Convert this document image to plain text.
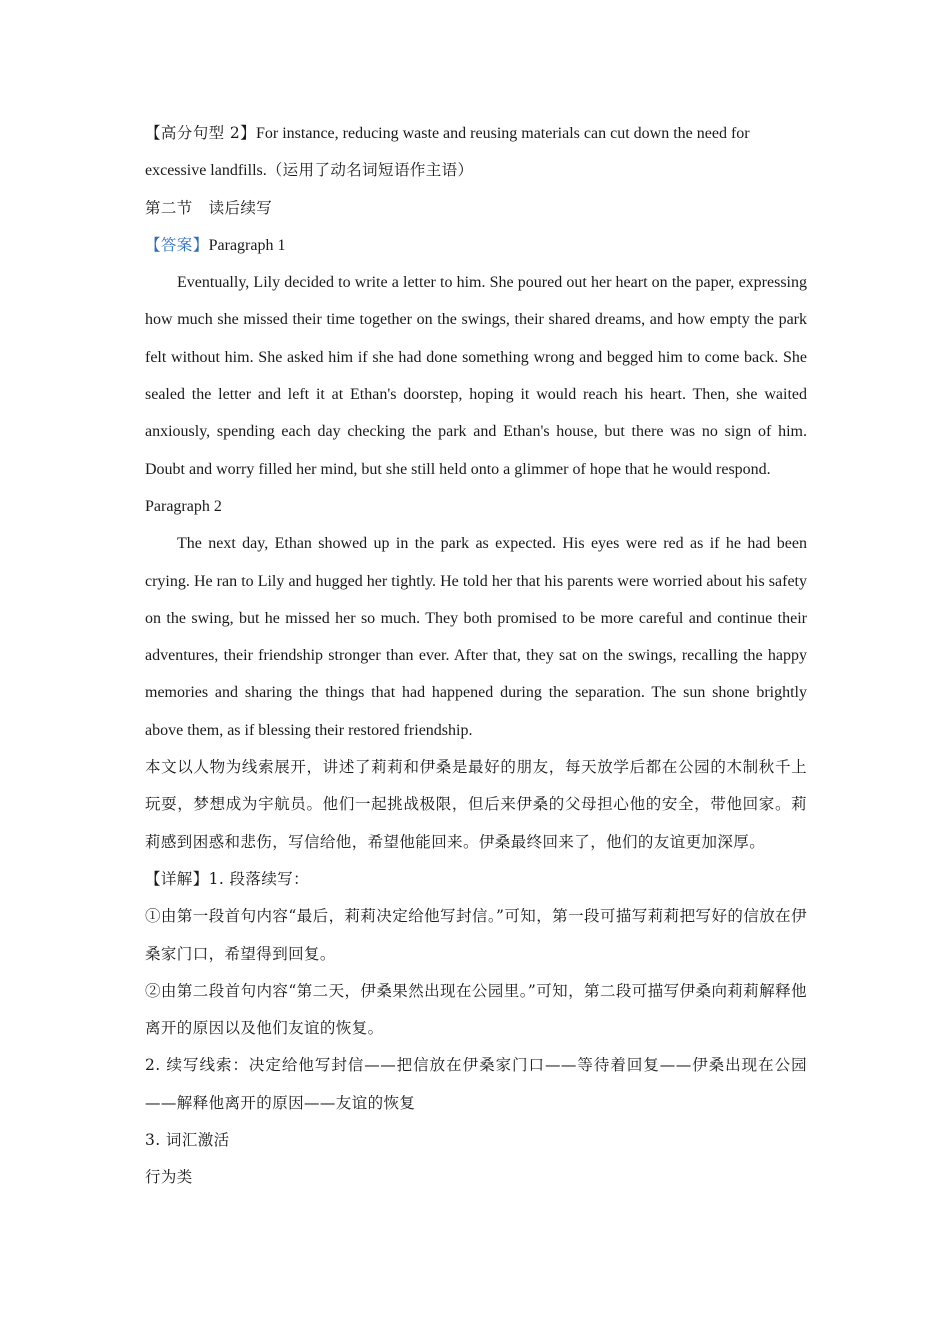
【高分句型 2】For instance, reducing waste and reusing materials can cut down the need for
excessive landfills.（运用了动名词短语作主语）
第二节　读后续写
【答案】Paragraph 1

Eventually, Lily decided to write a letter to him. She poured out her heart on the paper, expressing how much she missed their time together on the swings, their shared dreams, and how empty the park felt without him. She asked him if she had done something wrong and begged him to come back. She sealed the letter and left it at Ethan's doorstep, hoping it would reach his heart. Then, she waited anxiously, spending each day checking the park and Ethan's house, but there was no sign of him. Doubt and worry filled her mind, but she still held onto a glimmer of hope that he would respond.

Paragraph 2

The next day, Ethan showed up in the park as expected. His eyes were red as if he had been crying. He ran to Lily and hugged her tightly. He told her that his parents were worried about his safety on the swing, but he missed her so much. They both promised to be more careful and continue their adventures, their friendship stronger than ever. After that, they sat on the swings, recalling the happy memories and sharing the things that had happened during the separation. The sun shone brightly above them, as if blessing their restored friendship.

本文以人物为线索展开，讲述了莉莉和伊桑是最好的朋友，每天放学后都在公园的木制秋千上玩耍，梦想成为宇航员。他们一起挑战极限，但后来伊桑的父母担心他的安全，带他回家。莉莉感到困惑和悲伤，写信给他，希望他能回来。伊桑最终回来了，他们的友谊更加深厚。

【详解】1. 段落续写：

①由第一段首句内容“最后，莉莉决定给他写封信。”可知，第一段可描写莉莉把写好的信放在伊桑家门口，希望得到回复。

②由第二段首句内容“第二天，伊桑果然出现在公园里。”可知，第二段可描写伊桑向莉莉解释他离开的原因以及他们友谊的恢复。

2. 续写线索：决定给他写封信——把信放在伊桑家门口——等待着回复——伊桑出现在公园——解释他离开的原因——友谊的恢复

3. 词汇激活
行为类
